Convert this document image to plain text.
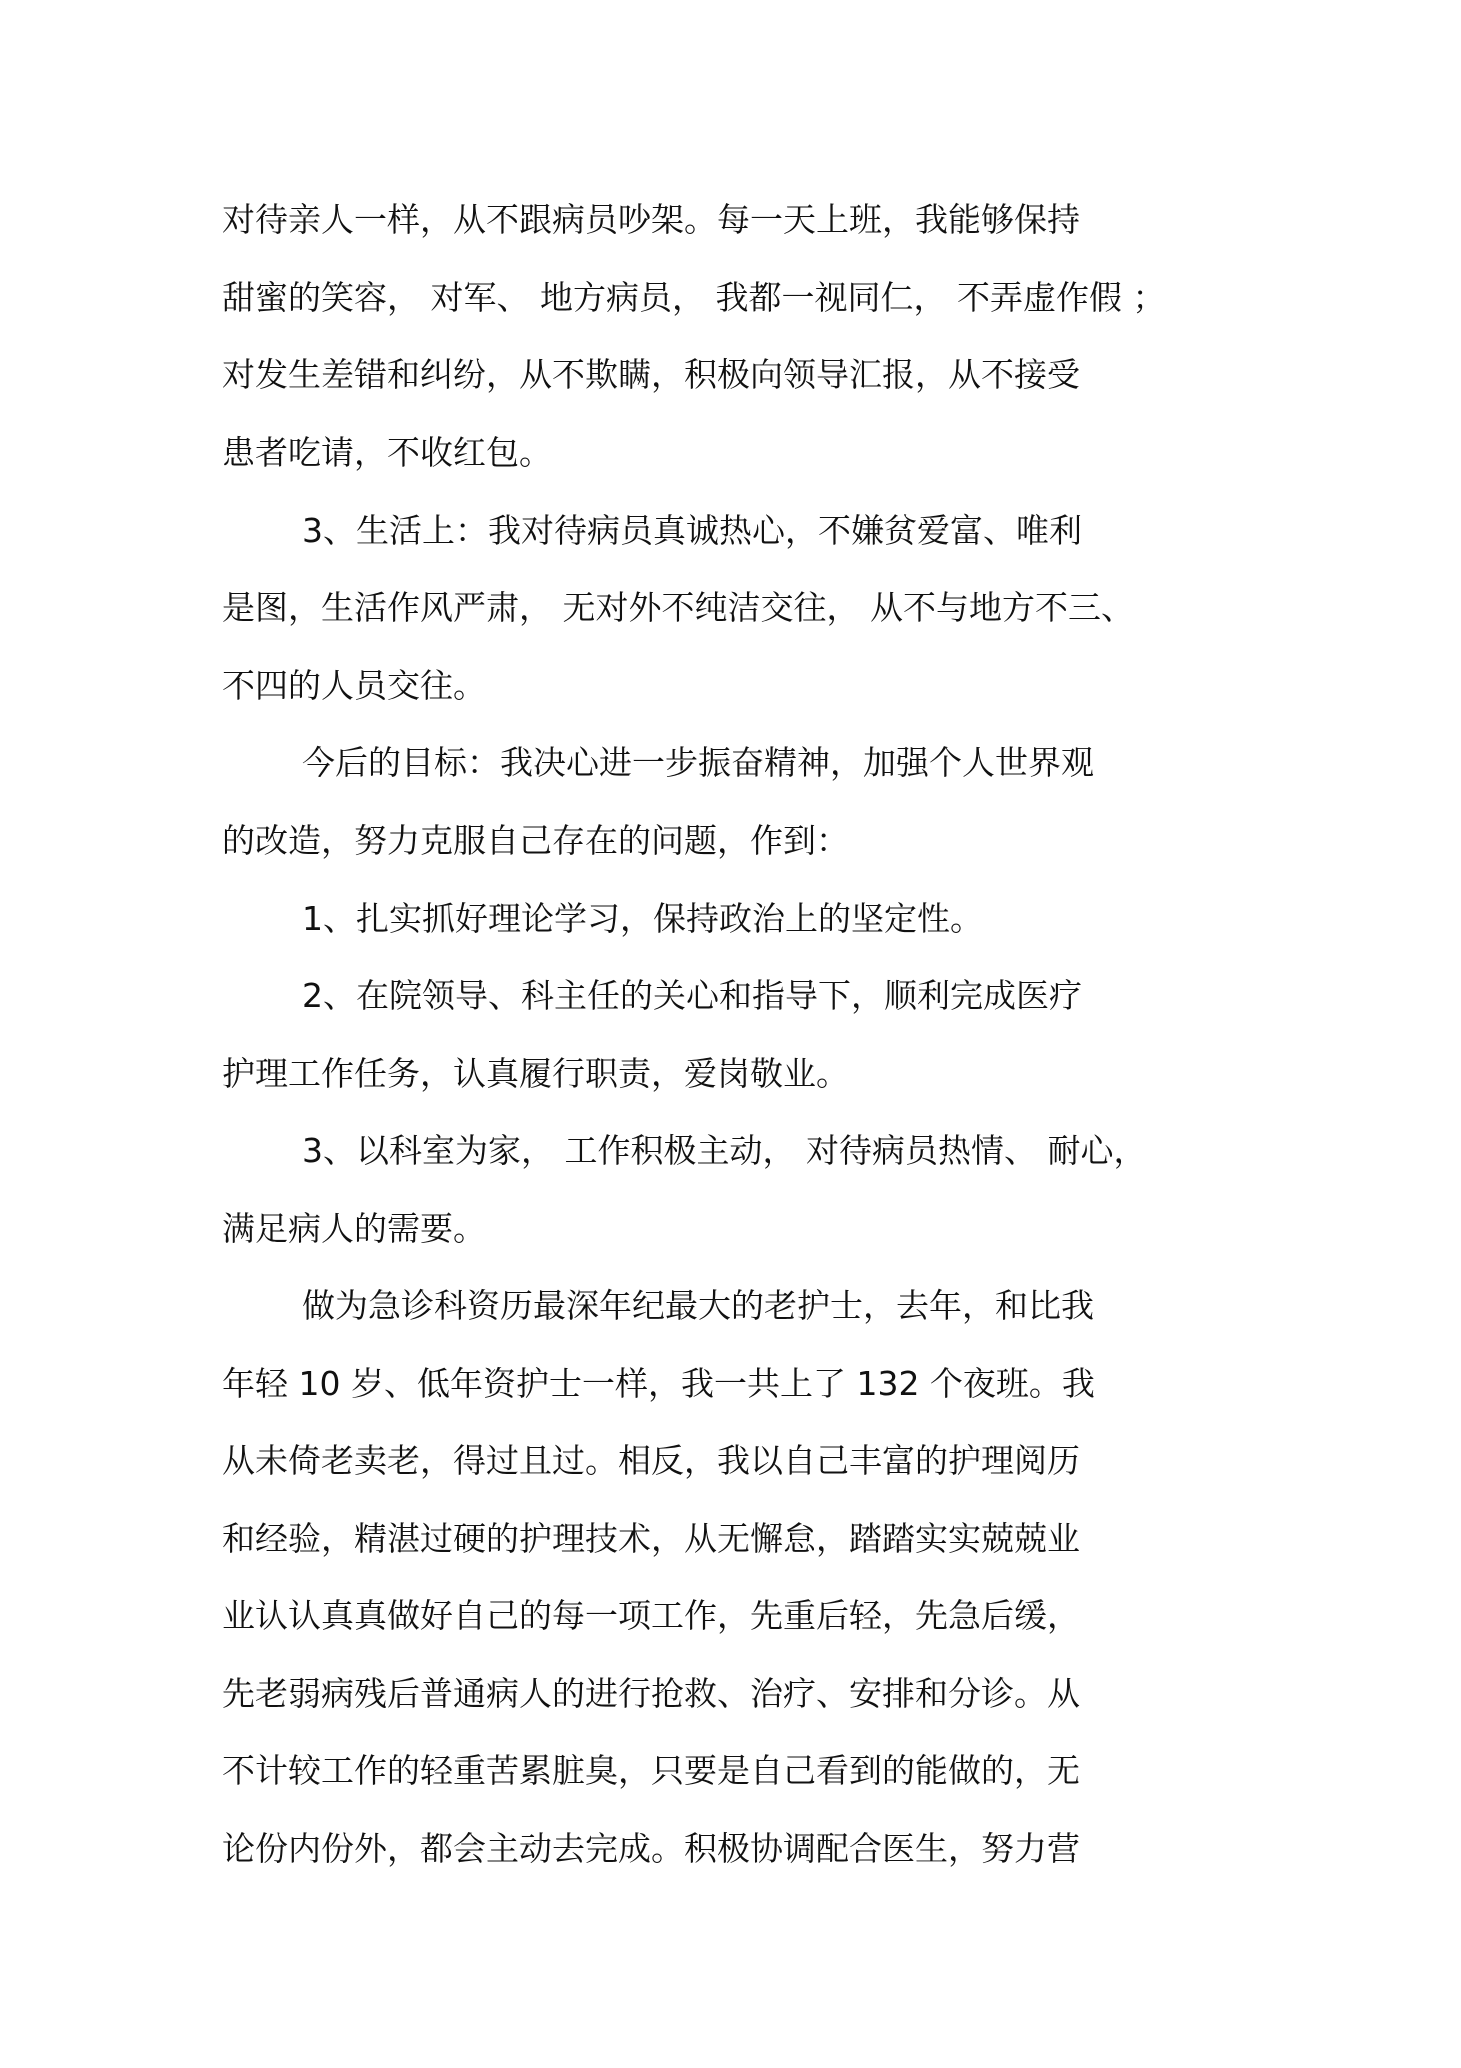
对待亲人一样，从不跟病员吵架。每一天上班，我能够保持
甜蜜的笑容， 对军、 地方病员， 我都一视同仁， 不弄虚作假 ；
对发生差错和纠纷，从不欺瞒，积极向领导汇报，从不接受
患者吃请，不收红包。
3、生活上：我对待病员真诚热心，不嫌贫爱富、唯利
是图，生活作风严肃， 无对外不纯洁交往， 从不与地方不三、
不四的人员交往。
今后的目标：我决心进一步振奋精神，加强个人世界观
的改造，努力克服自己存在的问题，作到：
1、扎实抓好理论学习，保持政治上的坚定性。
2、在院领导、科主任的关心和指导下，顺利完成医疗
护理工作任务，认真履行职责，爱岗敬业。
3、以科室为家， 工作积极主动， 对待病员热情、 耐心，
满足病人的需要。
做为急诊科资历最深年纪最大的老护士，去年，和比我
年轻 10 岁、低年资护士一样，我一共上了 132 个夜班。我
从未倚老卖老，得过且过。相反，我以自己丰富的护理阅历
和经验，精湛过硬的护理技术，从无懈怠，踏踏实实兢兢业
业认认真真做好自己的每一项工作，先重后轻，先急后缓，
先老弱病残后普通病人的进行抢救、治疗、安排和分诊。从
不计较工作的轻重苦累脏臭，只要是自己看到的能做的，无
论份内份外，都会主动去完成。积极协调配合医生，努力营
